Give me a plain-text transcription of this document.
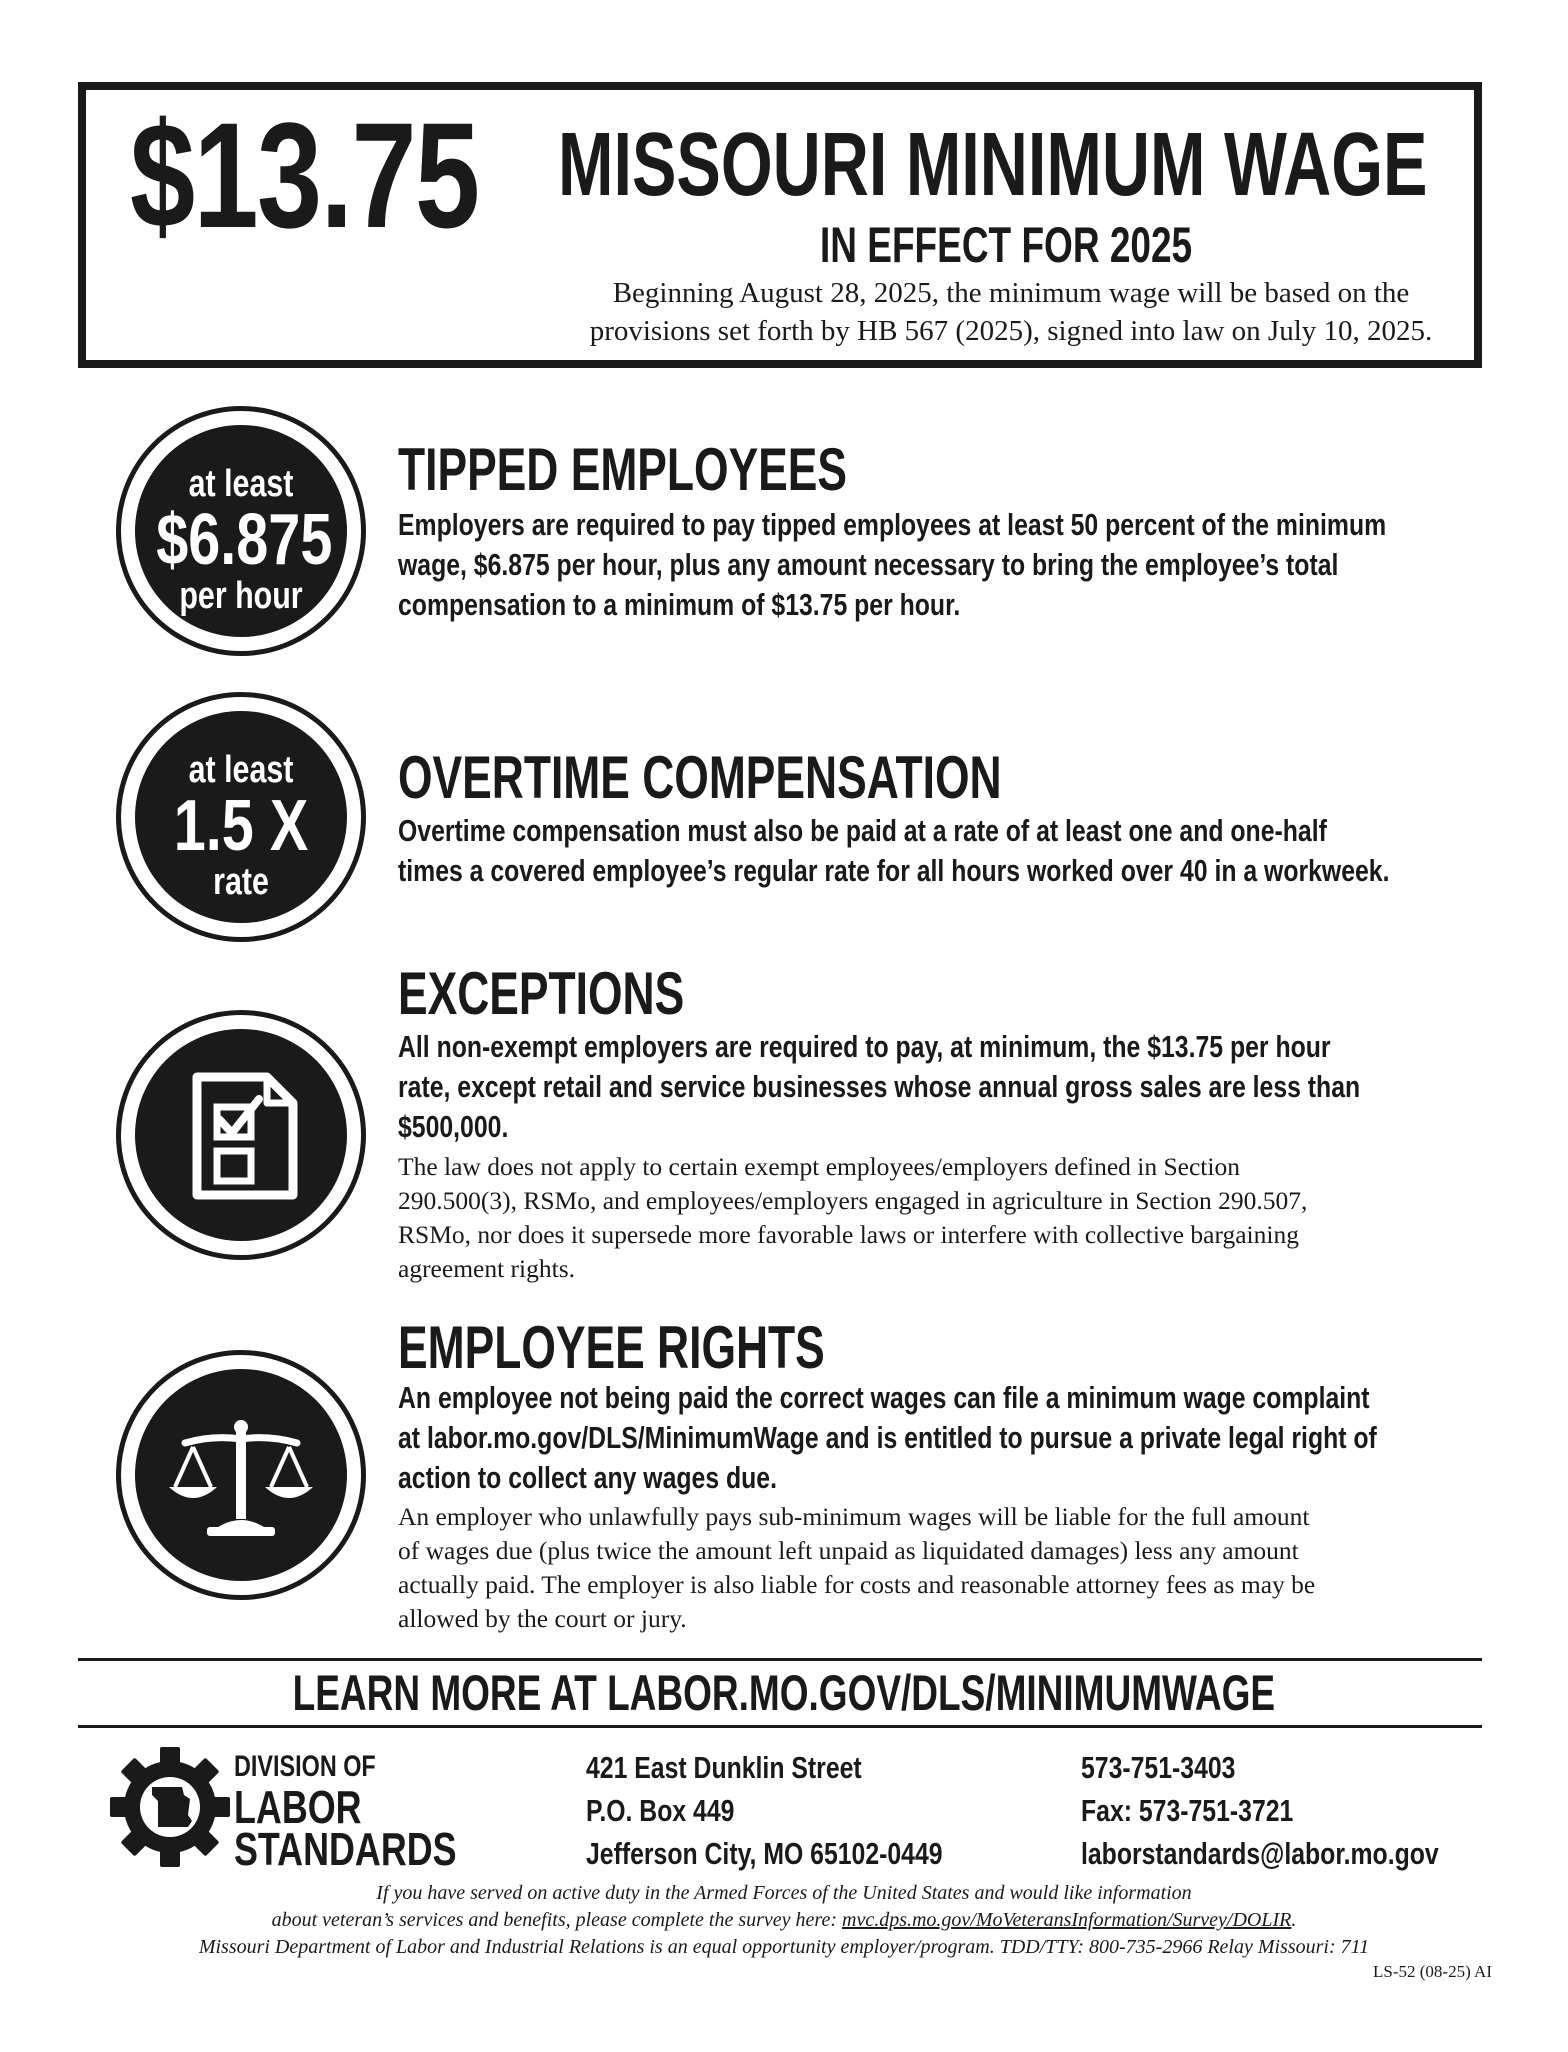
$13.75 MISSOURI MINIMUM WAGE
IN EFFECT FOR 2025
Beginning August 28, 2025, the minimum wage will be based on the
provisions set forth by HB 567 (2025), signed into law on July 10, 2025.
at least
$6.875
per hour
TIPPED EMPLOYEES
Employers are required to pay tipped employees at least 50 percent of the minimum
wage, $6.875 per hour, plus any amount necessary to bring the employee’s total
compensation to a minimum of $13.75 per hour.
at least
1.5 X
rate
OVERTIME COMPENSATION
Overtime compensation must also be paid at a rate of at least one and one-half
times a covered employee’s regular rate for all hours worked over 40 in a workweek.
EXCEPTIONS
All non-exempt employers are required to pay, at minimum, the $13.75 per hour
rate, except retail and service businesses whose annual gross sales are less than
$500,000.
The law does not apply to certain exempt employees/employers defined in Section
290.500(3), RSMo, and employees/employers engaged in agriculture in Section 290.507,
RSMo, nor does it supersede more favorable laws or interfere with collective bargaining
agreement rights.
EMPLOYEE RIGHTS
An employee not being paid the correct wages can file a minimum wage complaint
at labor.mo.gov/DLS/MinimumWage and is entitled to pursue a private legal right of
action to collect any wages due.
An employer who unlawfully pays sub-minimum wages will be liable for the full amount
of wages due (plus twice the amount left unpaid as liquidated damages) less any amount
actually paid. The employer is also liable for costs and reasonable attorney fees as may be
allowed by the court or jury.
LEARN MORE AT LABOR.MO.GOV/DLS/MINIMUMWAGE
DIVISION OF
LABOR
STANDARDS
421 East Dunklin Street
P.O. Box 449
Jefferson City, MO 65102-0449
573-751-3403
Fax: 573-751-3721
laborstandards@labor.mo.gov
If you have served on active duty in the Armed Forces of the United States and would like information
about veteran’s services and benefits, please complete the survey here: mvc.dps.mo.gov/MoVeteransInformation/Survey/DOLIR.
Missouri Department of Labor and Industrial Relations is an equal opportunity employer/program. TDD/TTY: 800-735-2966 Relay Missouri: 711
LS-52 (08-25) AI
